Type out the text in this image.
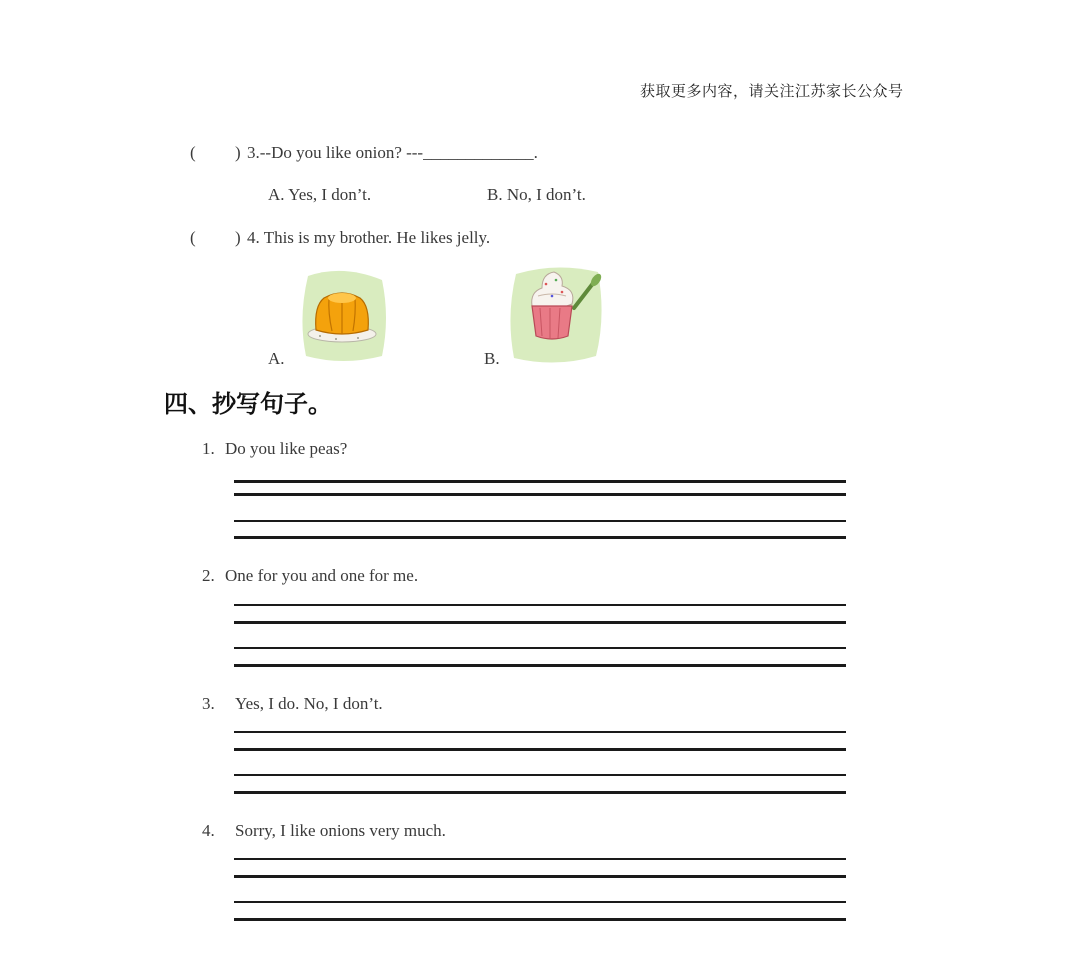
获取更多内容，请关注江苏家长公众号
( ) 3.--Do you like onion? ---_____________.
A. Yes, I don’t.	B. No, I don’t.
( ) 4. This is my brother. He likes jelly.
A.	B.
四、抄写句子。
1. Do you like peas?
2. One for you and one for me.
3. Yes, I do. No, I don’t.
4. Sorry, I like onions very much.
